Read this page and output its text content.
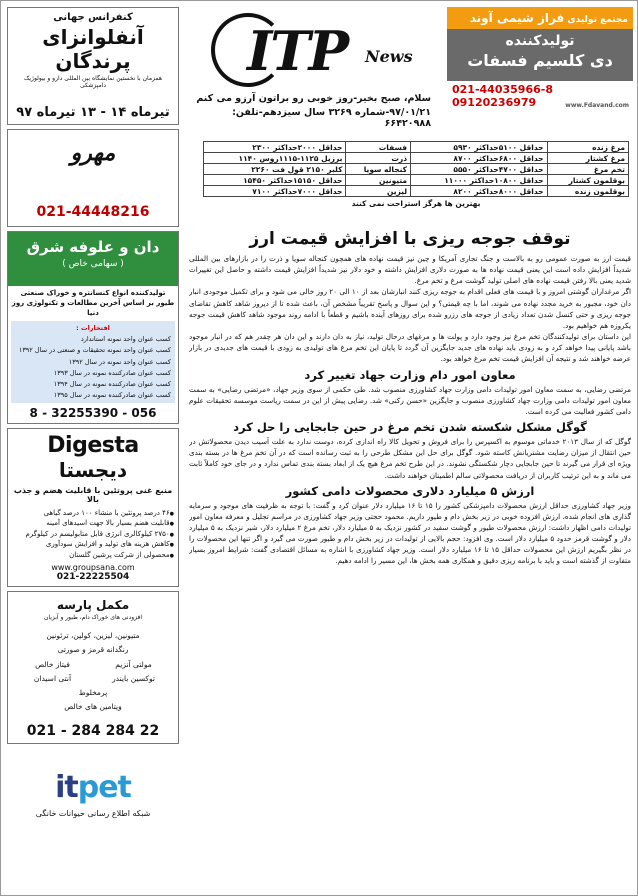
کنفرانس جهانی
آنفلوانزای پرندگان
همزمان با نخستین نمایشگاه بین المللی دارو و بیولوژیک دامپزشکی
تیرماه ۱۴ - ۱۳ تیرماه ۹۷
مهرو
021-44448216
دان و علوفه شرق
( سهامی خاص )
تولیدکننده انواع کنسانتره و خوراک صنعتی طیور بر اساس آخرین مطالعات و تکنولوژی روز دنیا
افتخارات :
کسب عنوان واحد نمونه استاندارد
کسب عنوان واحد نمونه تحقیقات و صنعتی در سال ۱۳۹۲
کسب عنوان واحد نمونه در سال ۱۳۹۲
کسب عنوان صادرکننده نمونه در سال ۱۳۹۳
کسب عنوان صادرکننده نمونه در سال ۱۳۹۴
کسب عنوان صادرکننده نمونه در سال ۱۳۹۵
056 - 32255390 - 8
Digesta
دیجستا
منبع غنی پروتئین با قابلیت هضم و جذب بالا
● ۴۶ درصد پروتئین با منشاء ۱۰۰ درصد گیاهی
● قابلیت هضم بسیار بالا جهت اسیدهای آمینه
● ۲۷۵۰ کیلوکالری انرژی قابل متابولیسم در کیلوگرم
● کاهش هزینه های تولید و افزایش سودآوری
● محصولی از شرکت پرشین گلستان
www.groupsana.com
021-22225504
مکمل پارسه
افزودنی های خوراک دام، طیور و آبزیان
متیونین، لیزین، کولین، ترئونین
رنگدانه قرمز و صورتی
مولتی آنزیم
فیتاز خالص
توکسین بایندر
آنتی اسیدان
پرمخلوط
ویتامین های خالص
021 - 284 284 22
itpet
شبکه اطلاع رسانی حیوانات خانگی
ITP News
سلام، صبح بخیر-روز خوبی رو براتون آرزو می کنم
۹۷/۰۱/۲۱-شماره ۳۲۶۹ سال سیزدهم-تلفن: ۶۶۴۲۰۹۸۸
مجتمع تولیدی فراز شیمی آوند
تولیدکننده
دی کلسیم فسفات
021-44035966-8
09120236979	www.Fdavand.com
مرغ زنده	حداقل ۵۱۰۰حداکثر ۵۹۳۰	فسفات	حداقل ۲۰۰۰حداکثر ۲۳۰۰
مرغ کشتار	حداقل ۶۸۰۰حداکثر ۸۷۰۰	ذرت	برزیل ۱۱۲۵-۱۱۱۵روس ۱۱۴۰
تخم مرغ	حداقل ۴۷۰۰حداکثر ۵۵۵۰	کنجاله سویا	کلبر ۲۱۵۰ قول فت ۲۲۶۰
بوقلمون کشتار	حداقل ۱۰۸۰۰حداکثر ۱۱۰۰۰	متیونین	حداقل ۱۵۱۵۰حداکثر ۱۵۴۵۰
بوقلمون زنده	حداقل ۸۰۰۰حداکثر ۸۲۰۰	لیزین	حداقل ۷۰۰۰حداکثر ۷۱۰۰
بهترین ها هرگز استراحت نمی کنند
توقف جوجه ریزی با افزایش قیمت ارز

قیمت ارز به صورت عمومی رو به بالاست و جنگ تجاری آمریکا و چین نیز قیمت نهاده های همچون کنجاله سویا و ذرت را در بازارهای بین المللی شدیداً افزایش داده است این یعنی قیمت نهاده ها به صورت دلاری افزایش داشته و خود دلار نیز شدیداً افزایش قیمت داشته و حاصل این تغییرات شدید یعنی بالا رفتن قیمت نهاده های اصلی تولید گوشت مرغ و تخم مرغ.

اگر مرغداران گوشتی امروز و با قیمت های فعلی اقدام به جوجه ریزی کنند انبارشان بعد از ۱۰ الی ۲۰ روز خالی می شود و برای تکمیل موجودی انبار دان خود، مجبور به خرید مجدد نهاده می شوند، اما با چه قیمتی؟ و این سوال و پاسخ تقریباً مشخص آن، باعث شده تا از دیروز شاهد کاهش تقاضای جوجه ریزی و حتی کنسل شدن تعداد زیادی از جوجه های رزرو شده برای روزهای آینده باشیم و قطعاً با ادامه روند موجود شاهد کاهش قیمت جوجه یکروزه هم خواهیم بود.

این داستان برای تولیدکنندگان تخم مرغ نیز وجود دارد و پولت ها و مرغهای درحال تولید، نیاز به دان دارند و این دان هر چقدر هم که در انبار موجود باشد پایانی پیدا خواهد کرد و به زودی باید نهاده های جدید جایگزین آن گردد تا پایان این تخم مرغ های تولیدی به زودی با قیمت های جدیدی در بازار عرضه خواهند شد و نتیجه آن افزایش قیمت تخم مرغ خواهد بود.

معاون امور دام وزارت جهاد تغییر کرد

مرتضی رضایی، به سمت معاون امور تولیدات دامی وزارت جهاد کشاورزی منصوب شد. طی حکمی از سوی وزیر جهاد، «مرتضی رضایی» به سمت معاون امور تولیدات دامی وزارت جهاد کشاورزی منصوب و جایگزین «حسن رکنی» شد. رضایی پیش از این در سمت ریاست موسسه تحقیقات علوم دامی کشور فعالیت می کرده است.

گوگل مشکل شکسته شدن تخم مرغ در حین جابجایی را حل کرد

گوگل که از سال ۲۰۱۳ خدماتی موسوم به اکسپرس را برای فروش و تحویل کالا راه اندازی کرده، دوست ندارد به علت آسیب دیدن محصولاتش در حین انتقال از میزان رضایت مشتریانش کاسته شود. گوگل برای حل این مشکل طرحی را به ثبت رسانده است که در آن تخم مرغ ها در بسته بندی ویژه ای قرار می گیرند تا حین جابجایی دچار شکستگی نشوند. در این طرح تخم مرغ هیچ یک از ابعاد بسته بندی تماس ندارد و در جای خود کاملاً ثابت می ماند و به این ترتیب کاربران از دریافت محصولاتی سالم اطمینان خواهند داشت.

ارزش ۵ میلیارد دلاری محصولات دامی کشور

وزیر جهاد کشاورزی حداقل ارزش محصولات دامپزشکی کشور را ۱۵ تا ۱۶ میلیارد دلار عنوان کرد و گفت: با توجه به ظرفیت های موجود و سرمایه گذاری های انجام شده، ارزش افزوده خوبی در زیر بخش دام و طیور داریم. محمود حجتی وزیر جهاد کشاورزی در مراسم تجلیل و معرفه معاون امور تولیدات دامی اظهار داشت: ارزش محصولات طیور و گوشت سفید در کشور نزدیک به ۵ میلیارد دلار، تخم مرغ ۲ میلیارد دلار، شیر نزدیک به ۵ میلیارد دلار و گوشت قرمز حدود ۵ میلیارد دلار است. وی افزود: حجم بالایی از تولیدات در زیر بخش دام و طیور صورت می گیرد و اگر تنها این محصولات را در نظر بگیریم ارزش این محصولات حداقل ۱۵ تا ۱۶ میلیارد دلار است. وزیر جهاد کشاورزی با اشاره به مسائل اقتصادی گفت: شرایط امروز بسیار متفاوت از گذشته است و باید با برنامه ریزی دقیق و همکاری همه بخش ها، این مسیر را ادامه دهیم.
